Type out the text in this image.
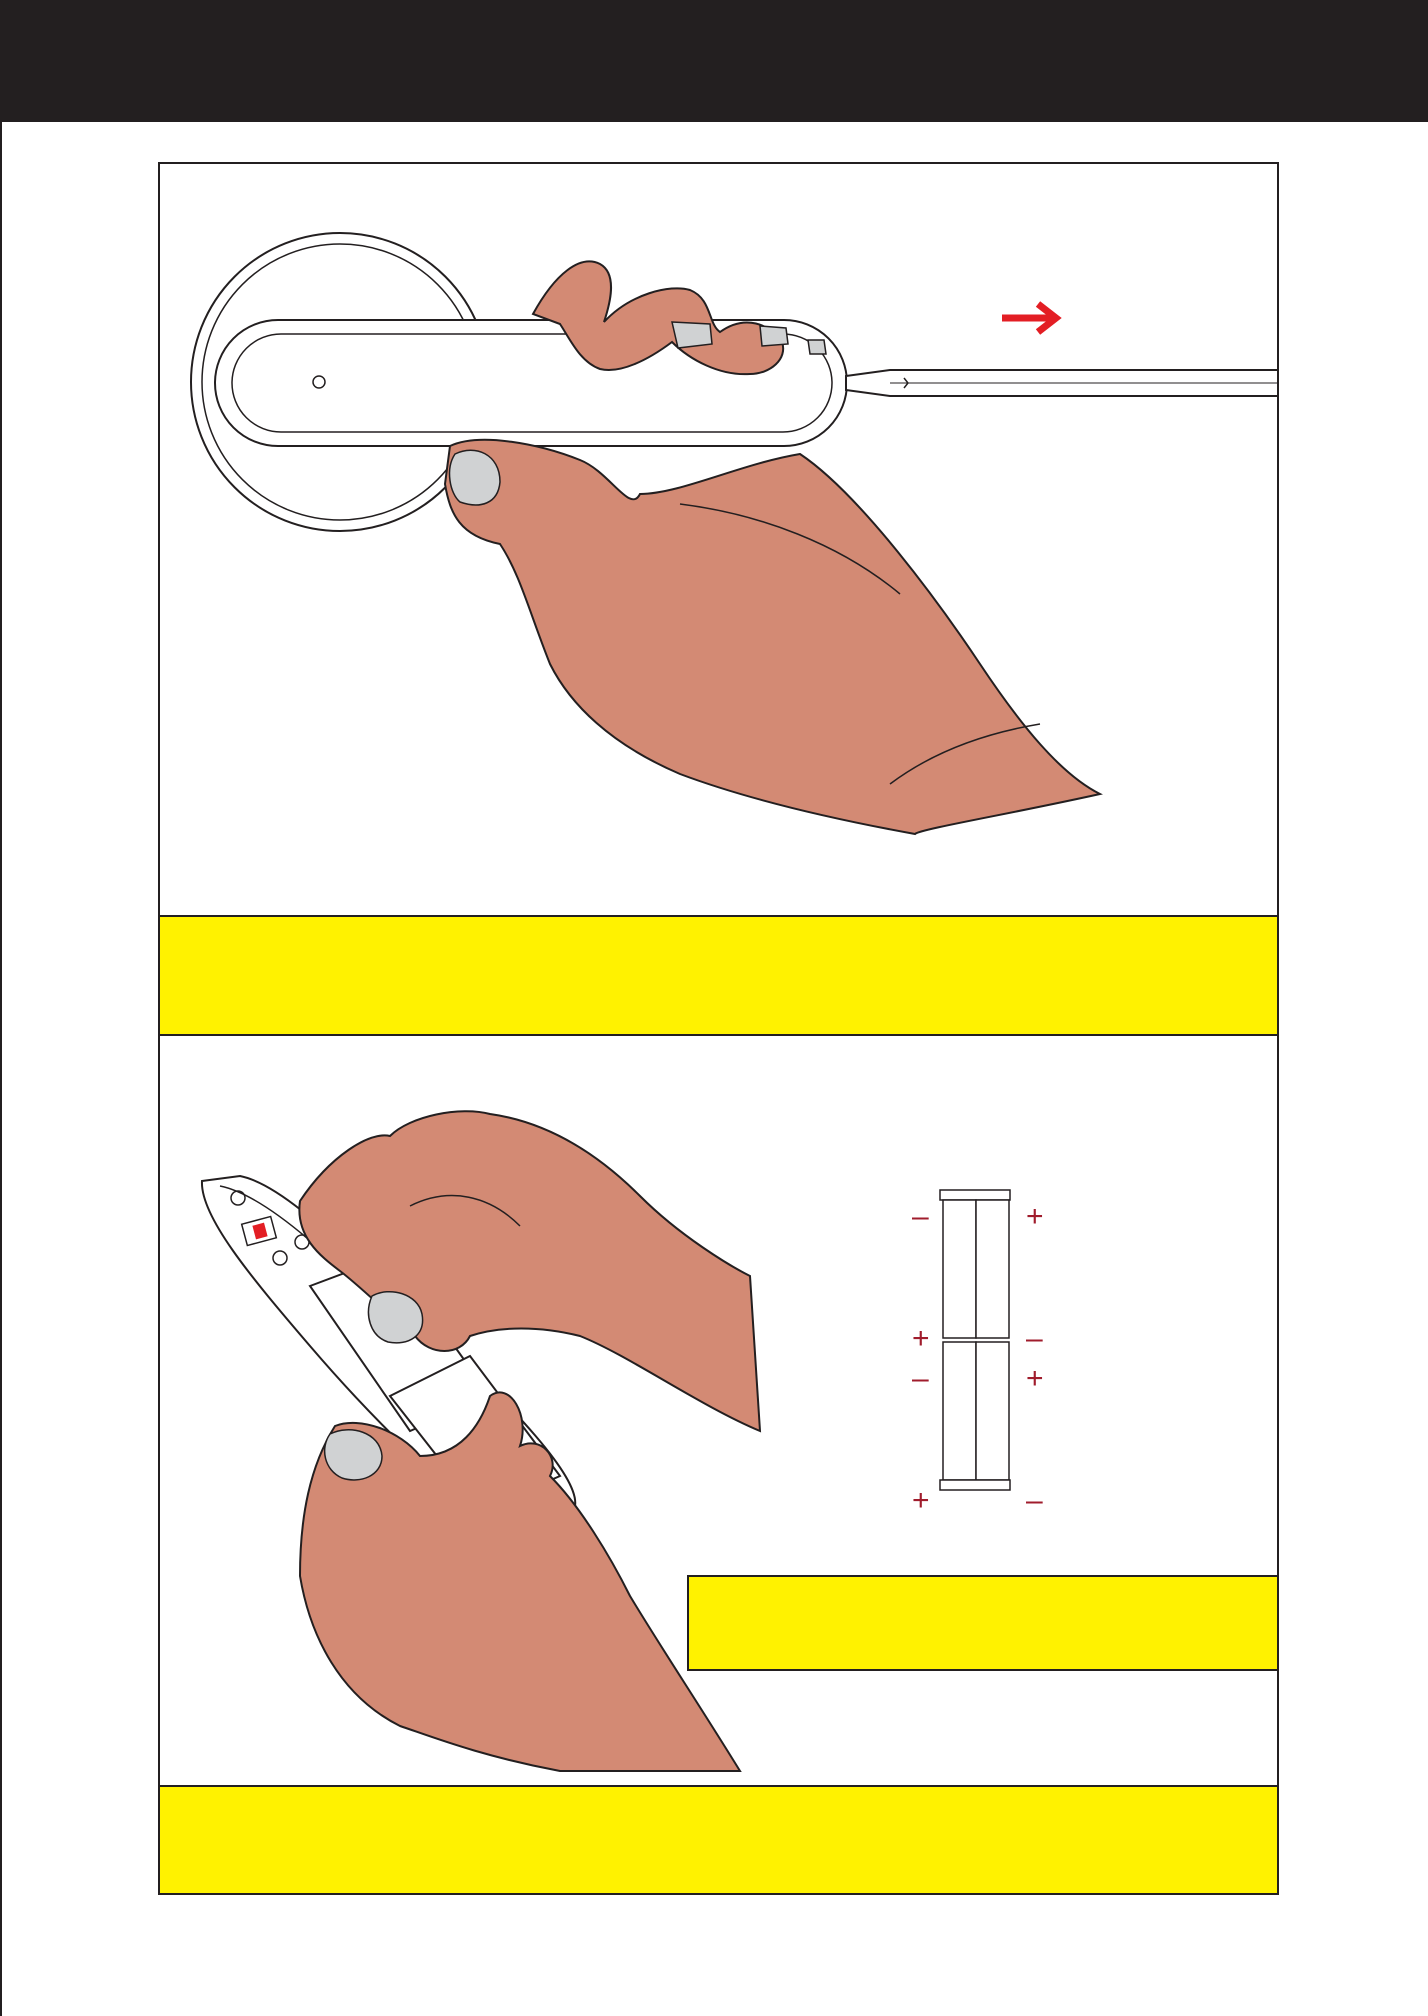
–	+
+	–
–	+
+	–
